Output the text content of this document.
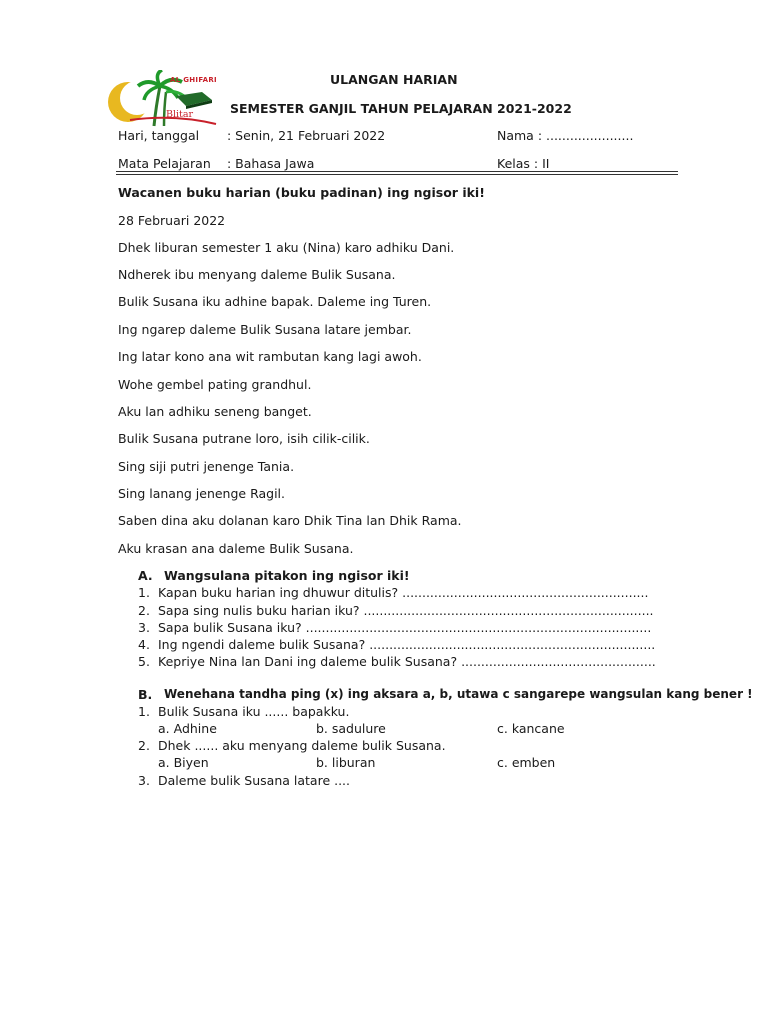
AL GHIFARI
Blitar
ULANGAN HARIAN
SEMESTER GANJIL TAHUN PELAJARAN 2021-2022
Hari, tanggal : Senin, 21 Februari 2022	Nama : ......................
Mata Pelajaran : Bahasa Jawa	Kelas : II
Wacanen buku harian (buku padinan) ing ngisor iki!
28 Februari 2022
Dhek liburan semester 1 aku (Nina) karo adhiku Dani.
Ndherek ibu menyang daleme Bulik Susana.
Bulik Susana iku adhine bapak. Daleme ing Turen.
Ing ngarep daleme Bulik Susana latare jembar.
Ing latar kono ana wit rambutan kang lagi awoh.
Wohe gembel pating grandhul.
Aku lan adhiku seneng banget.
Bulik Susana putrane loro, isih cilik-cilik.
Sing siji putri jenenge Tania.
Sing lanang jenenge Ragil.
Saben dina aku dolanan karo Dhik Tina lan Dhik Rama.
Aku krasan ana daleme Bulik Susana.
A. Wangsulana pitakon ing ngisor iki!
1. Kapan buku harian ing dhuwur ditulis? ..............................................................
2. Sapa sing nulis buku harian iku? .........................................................................
3. Sapa bulik Susana iku? .......................................................................................
4. Ing ngendi daleme bulik Susana? ........................................................................
5. Kepriye Nina lan Dani ing daleme bulik Susana? .................................................
B. Wenehana tandha ping (x) ing aksara a, b, utawa c sangarepe wangsulan kang bener !
1. Bulik Susana iku ...... bapakku.
a. Adhine	b. sadulure	c. kancane
2. Dhek ...... aku menyang daleme bulik Susana.
a. Biyen	b. liburan	c. emben
3. Daleme bulik Susana latare ....
